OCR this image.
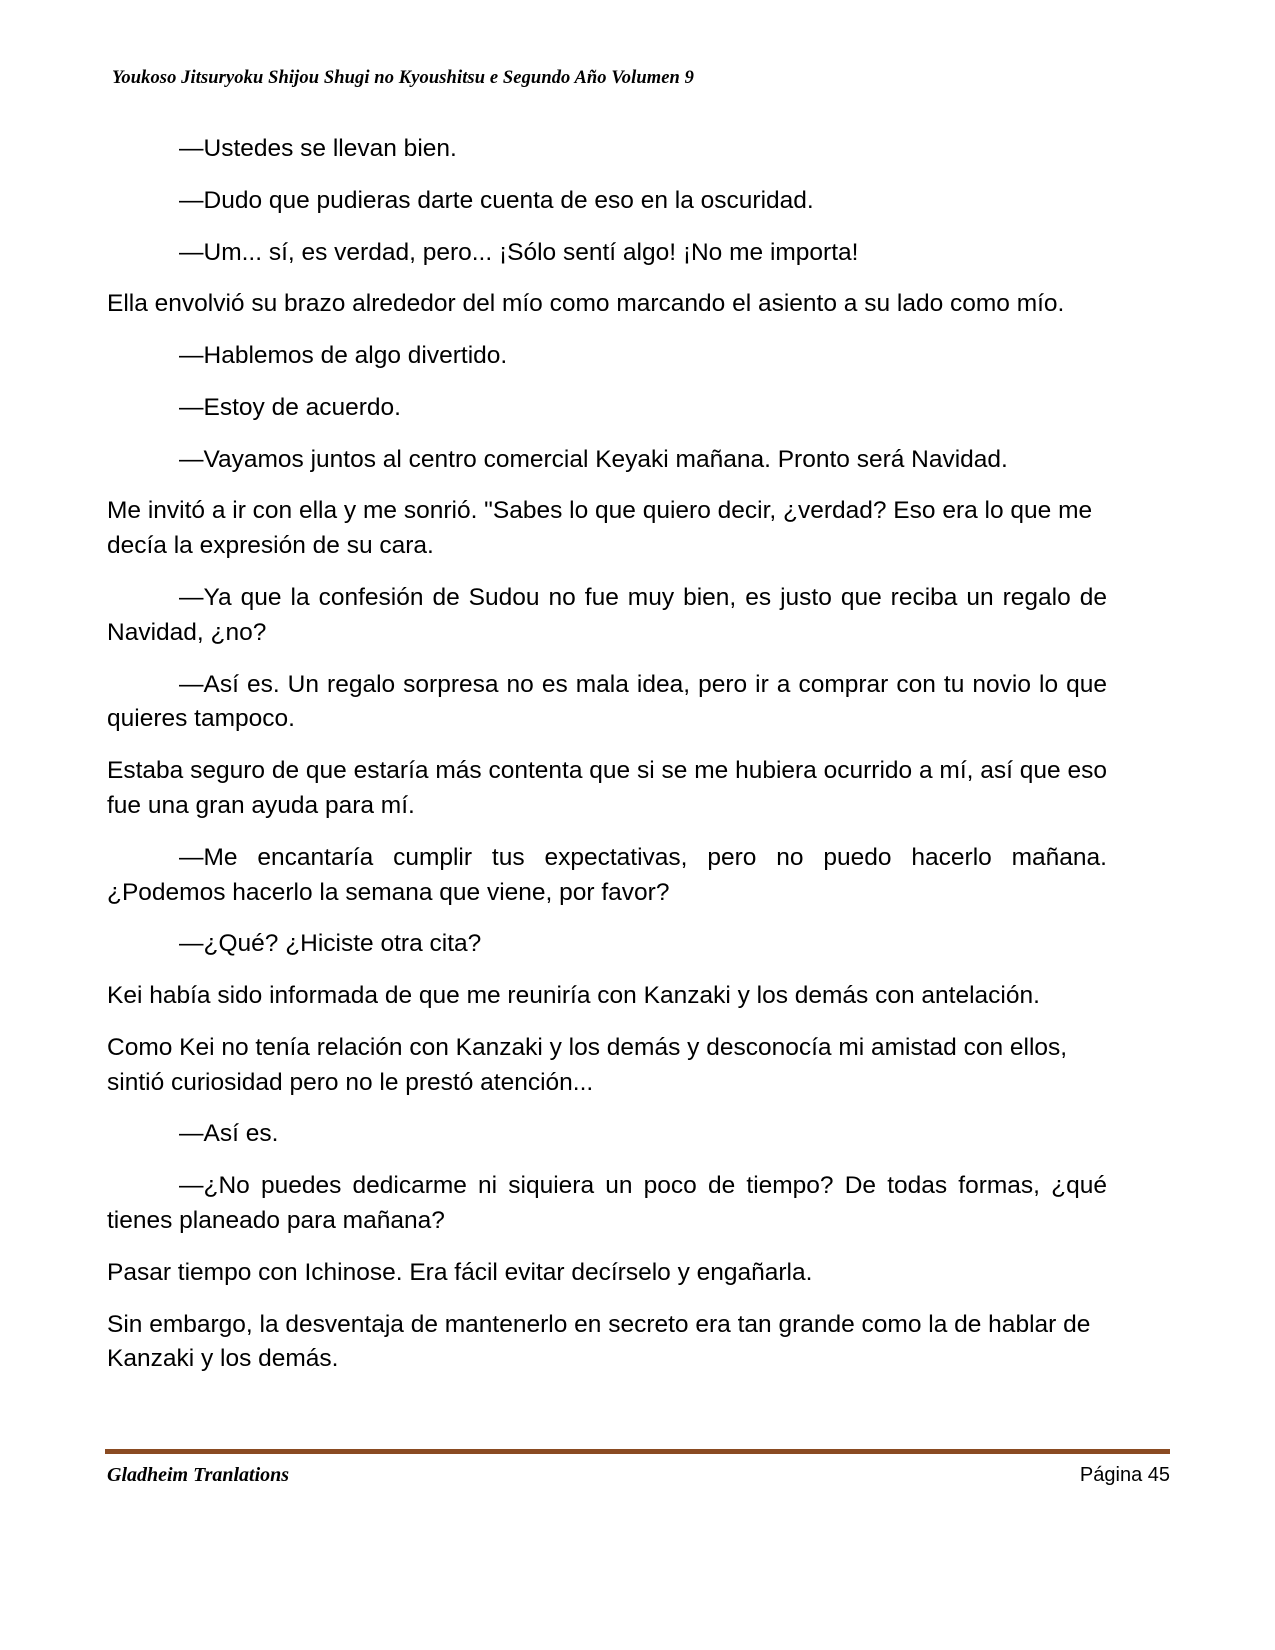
Youkoso Jitsuryoku Shijou Shugi no Kyoushitsu e Segundo Año Volumen 9

—Ustedes se llevan bien.

—Dudo que pudieras darte cuenta de eso en la oscuridad.

—Um... sí, es verdad, pero... ¡Sólo sentí algo! ¡No me importa!

Ella envolvió su brazo alrededor del mío como marcando el asiento a su lado como mío.

—Hablemos de algo divertido.

—Estoy de acuerdo.

—Vayamos juntos al centro comercial Keyaki mañana. Pronto será Navidad.

Me invitó a ir con ella y me sonrió. "Sabes lo que quiero decir, ¿verdad? Eso era lo que me decía la expresión de su cara.

—Ya que la confesión de Sudou no fue muy bien, es justo que reciba un regalo de Navidad, ¿no?

—Así es. Un regalo sorpresa no es mala idea, pero ir a comprar con tu novio lo que quieres tampoco.

Estaba seguro de que estaría más contenta que si se me hubiera ocurrido a mí, así que eso fue una gran ayuda para mí.

—Me encantaría cumplir tus expectativas, pero no puedo hacerlo mañana. ¿Podemos hacerlo la semana que viene, por favor?

—¿Qué? ¿Hiciste otra cita?

Kei había sido informada de que me reuniría con Kanzaki y los demás con antelación.

Como Kei no tenía relación con Kanzaki y los demás y desconocía mi amistad con ellos, sintió curiosidad pero no le prestó atención...

—Así es.

—¿No puedes dedicarme ni siquiera un poco de tiempo? De todas formas, ¿qué tienes planeado para mañana?

Pasar tiempo con Ichinose. Era fácil evitar decírselo y engañarla.

Sin embargo, la desventaja de mantenerlo en secreto era tan grande como la de hablar de Kanzaki y los demás.

Gladheim Tranlations	Página 45
